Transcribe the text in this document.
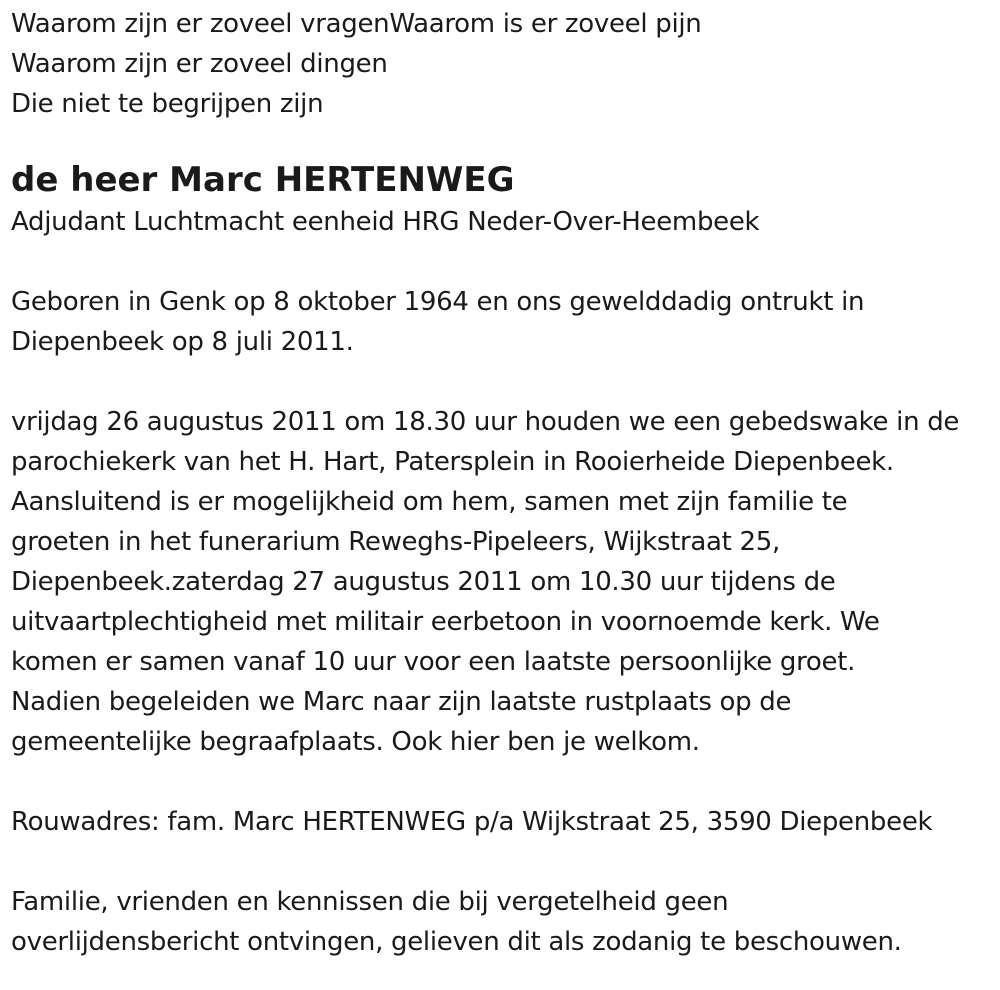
Waarom zijn er zoveel vragenWaarom is er zoveel pijn

Waarom zijn er zoveel dingen

Die niet te begrijpen zijn

de heer Marc HERTENWEG

Adjudant Luchtmacht eenheid HRG Neder-Over-Heembeek

Geboren in Genk op 8 oktober 1964 en ons gewelddadig ontrukt in

Diepenbeek op 8 juli 2011.

vrijdag 26 augustus 2011 om 18.30 uur houden we een gebedswake in de

parochiekerk van het H. Hart, Patersplein in Rooierheide Diepenbeek.

Aansluitend is er mogelijkheid om hem, samen met zijn familie te

groeten in het funerarium Reweghs-Pipeleers, Wijkstraat 25,

Diepenbeek.zaterdag 27 augustus 2011 om 10.30 uur tijdens de

uitvaartplechtigheid met militair eerbetoon in voornoemde kerk. We

komen er samen vanaf 10 uur voor een laatste persoonlijke groet.

Nadien begeleiden we Marc naar zijn laatste rustplaats op de

gemeentelijke begraafplaats. Ook hier ben je welkom.

Rouwadres: fam. Marc HERTENWEG p/a Wijkstraat 25, 3590 Diepenbeek

Familie, vrienden en kennissen die bij vergetelheid geen

overlijdensbericht ontvingen, gelieven dit als zodanig te beschouwen.
